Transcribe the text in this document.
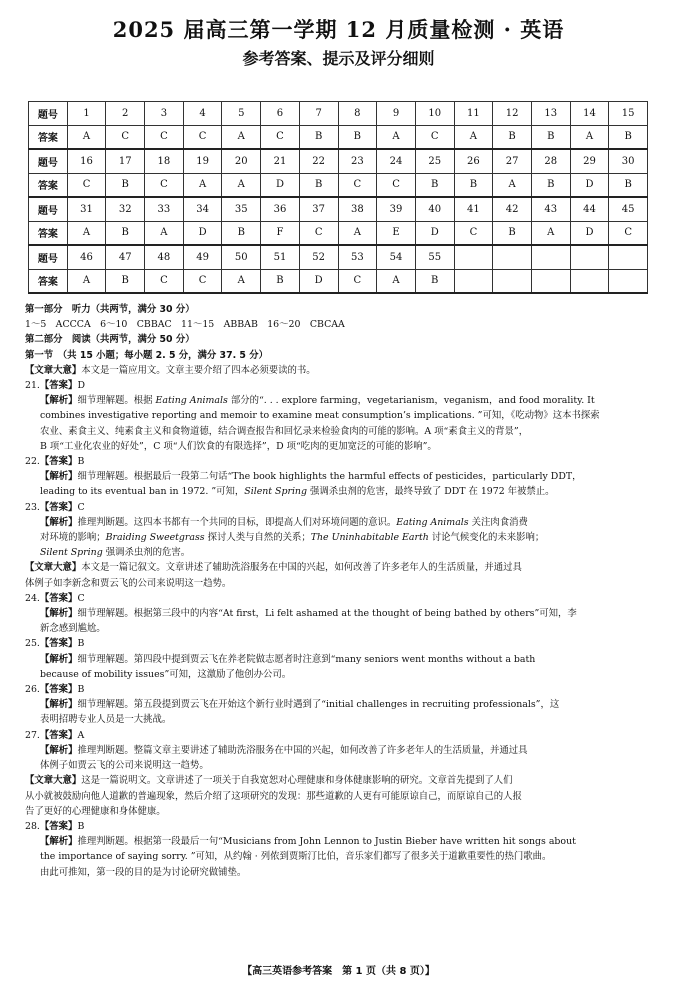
2025 届高三第一学期 12 月质量检测 · 英语
参考答案、提示及评分细则
题号	1	2	3	4	5	6	7	8	9	10	11	12	13	14	15
答案	A	C	C	C	A	C	B	B	A	C	A	B	B	A	B
题号	16	17	18	19	20	21	22	23	24	25	26	27	28	29	30
答案	C	B	C	A	A	D	B	C	C	B	B	A	B	D	B
题号	31	32	33	34	35	36	37	38	39	40	41	42	43	44	45
答案	A	B	A	D	B	F	C	A	E	D	C	B	A	D	C
题号	46	47	48	49	50	51	52	53	54	55					
答案	A	B	C	C	A	B	D	C	A	B					
第一部分　听力（共两节，满分 30 分）
1～5　ACCCA　6～10　CBBAC　11～15　ABBAB　16～20　CBCAA
第二部分　阅读（共两节，满分 50 分）
第一节　（共 15 小题；每小题 2. 5 分，满分 37. 5 分）
【文章大意】本文是一篇应用文。文章主要介绍了四本必须要读的书。
21.【答案】D
【解析】细节理解题。根据 Eating Animals 部分的“. . . explore farming，vegetarianism，veganism，and food morality. It
combines investigative reporting and memoir to examine meat consumption’s implications. ”可知，《吃动物》这本书探索
农业、素食主义、纯素食主义和食物道德，结合调查报告和回忆录来检验食肉的可能的影响。A 项“素食主义的背景”，
B 项“工业化农业的好处”，C 项“人们饮食的有限选择”，D 项“吃肉的更加宽泛的可能的影响”。
22.【答案】B
【解析】细节理解题。根据最后一段第二句话“The book highlights the harmful effects of pesticides，particularly DDT，
leading to its eventual ban in 1972. ”可知，Silent Spring 强调杀虫剂的危害，最终导致了 DDT 在 1972 年被禁止。
23.【答案】C
【解析】推理判断题。这四本书都有一个共同的目标，即提高人们对环境问题的意识。Eating Animals 关注肉食消费
对环境的影响；Braiding Sweetgrass 探讨人类与自然的关系；The Uninhabitable Earth 讨论气候变化的未来影响；
Silent Spring 强调杀虫剂的危害。
【文章大意】本文是一篇记叙文。文章讲述了辅助洗浴服务在中国的兴起，如何改善了许多老年人的生活质量，并通过具
体例子如李新念和贾云飞的公司来说明这一趋势。
24.【答案】C
【解析】细节理解题。根据第三段中的内容“At first，Li felt ashamed at the thought of being bathed by others”可知，李
新念感到尴尬。
25.【答案】B
【解析】细节理解题。第四段中提到贾云飞在养老院做志愿者时注意到“many seniors went months without a bath
because of mobility issues”可知，这激励了他创办公司。
26.【答案】B
【解析】细节理解题。第五段提到贾云飞在开始这个新行业时遇到了“initial challenges in recruiting professionals”，这
表明招聘专业人员是一大挑战。
27.【答案】A
【解析】推理判断题。整篇文章主要讲述了辅助洗浴服务在中国的兴起，如何改善了许多老年人的生活质量，并通过具
体例子如贾云飞的公司来说明这一趋势。
【文章大意】这是一篇说明文。文章讲述了一项关于自我宽恕对心理健康和身体健康影响的研究。文章首先提到了人们
从小就被鼓励向他人道歉的普遍现象，然后介绍了这项研究的发现：那些道歉的人更有可能原谅自己，而原谅自己的人报
告了更好的心理健康和身体健康。
28.【答案】B
【解析】推理判断题。根据第一段最后一句“Musicians from John Lennon to Justin Bieber have written hit songs about
the importance of saying sorry. ”可知，从约翰 · 列侬到贾斯汀比伯，音乐家们都写了很多关于道歉重要性的热门歌曲。
由此可推知，第一段的目的是为讨论研究做铺垫。
【高三英语参考答案　第 1 页（共 8 页）】
